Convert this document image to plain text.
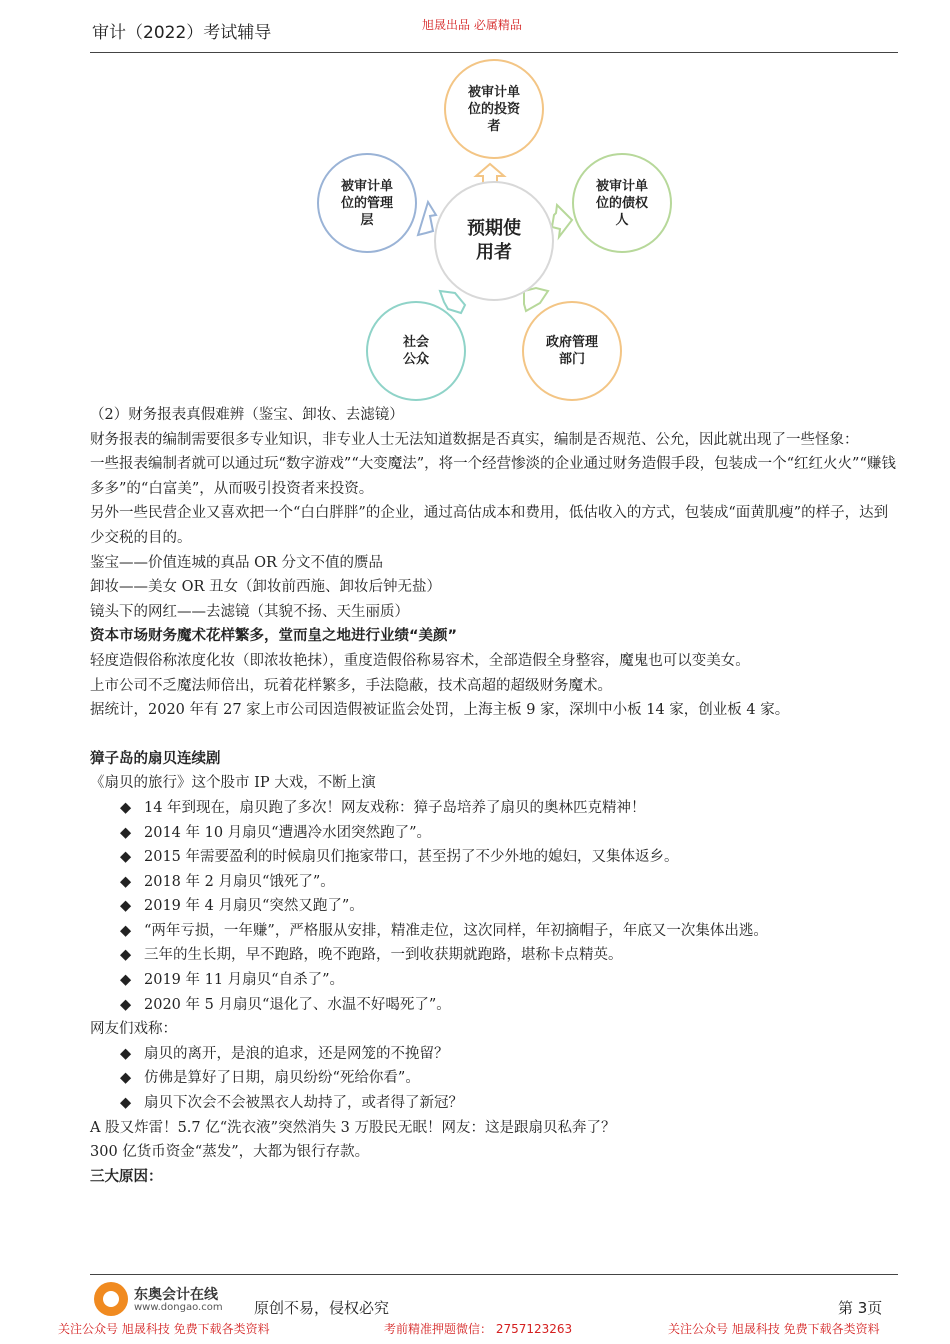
审计（2022）考试辅导	旭晟出品 必属精品
预期使
用者
被审计单
位的投资
者
被审计单
位的管理
层
被审计单
位的债权
人
社会
公众
政府管理
部门
（2）财务报表真假难辨（鉴宝、卸妆、去滤镜）
财务报表的编制需要很多专业知识，非专业人士无法知道数据是否真实，编制是否规范、公允，因此就出现了一些怪象：
一些报表编制者就可以通过玩“数字游戏”“大变魔法”，将一个经营惨淡的企业通过财务造假手段，包装成一个“红红火火”“赚钱多多”的“白富美”，从而吸引投资者来投资。
另外一些民营企业又喜欢把一个“白白胖胖”的企业，通过高估成本和费用，低估收入的方式，包装成“面黄肌瘦”的样子，达到少交税的目的。
鉴宝——价值连城的真品 OR 分文不值的赝品
卸妆——美女 OR 丑女（卸妆前西施、卸妆后钟无盐）
镜头下的网红——去滤镜（其貌不扬、天生丽质）
资本市场财务魔术花样繁多，堂而皇之地进行业绩“美颜”
轻度造假俗称浓度化妆（即浓妆艳抹），重度造假俗称易容术，全部造假全身整容，魔鬼也可以变美女。
上市公司不乏魔法师倍出，玩着花样繁多，手法隐蔽，技术高超的超级财务魔术。
据统计，2020 年有 27 家上市公司因造假被证监会处罚，上海主板 9 家，深圳中小板 14 家，创业板 4 家。
獐子岛的扇贝连续剧
《扇贝的旅行》这个股市 IP 大戏，不断上演
◆ 14 年到现在，扇贝跑了多次！网友戏称：獐子岛培养了扇贝的奥林匹克精神！
◆ 2014 年 10 月扇贝“遭遇冷水团突然跑了”。
◆ 2015 年需要盈利的时候扇贝们拖家带口，甚至拐了不少外地的媳妇，又集体返乡。
◆ 2018 年 2 月扇贝“饿死了”。
◆ 2019 年 4 月扇贝“突然又跑了”。
◆ “两年亏损，一年赚”，严格服从安排，精准走位，这次同样，年初摘帽子，年底又一次集体出逃。
◆ 三年的生长期，早不跑路，晚不跑路，一到收获期就跑路，堪称卡点精英。
◆ 2019 年 11 月扇贝“自杀了”。
◆ 2020 年 5 月扇贝“退化了、水温不好喝死了”。
网友们戏称：
◆ 扇贝的离开，是浪的追求，还是网笼的不挽留？
◆ 仿佛是算好了日期，扇贝纷纷“死给你看”。
◆ 扇贝下次会不会被黑衣人劫持了，或者得了新冠？
A 股又炸雷！5.7 亿“洗衣液”突然消失 3 万股民无眠！网友：这是跟扇贝私奔了？
300 亿货币资金“蒸发”，大都为银行存款。
三大原因：
东奥会计在线
www.dongao.com 原创不易，侵权必究	第 3页
关注公众号 旭晟科技 免费下载各类资料	考前精准押题微信： 2757123263	关注公众号 旭晟科技 免费下载各类资料
